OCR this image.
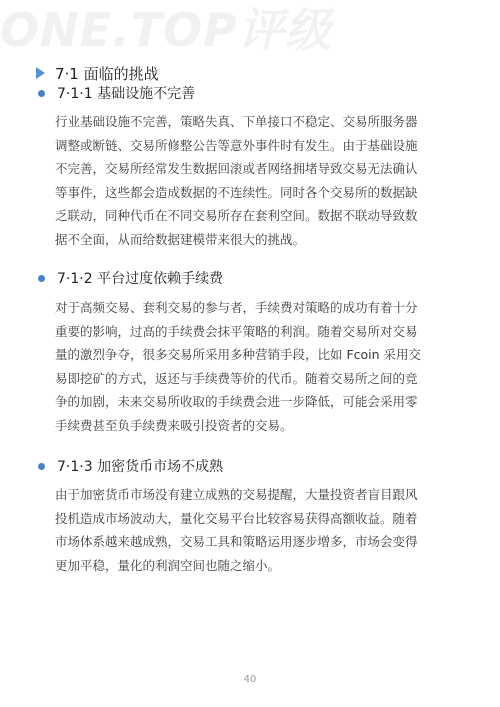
ONE.TOP评级
7·1 面临的挑战
7·1·1 基础设施不完善
行业基础设施不完善，策略失真、下单接口不稳定、交易所服务器
调整或断链、交易所修整公告等意外事件时有发生。由于基础设施
不完善，交易所经常发生数据回滚或者网络拥堵导致交易无法确认
等事件，这些都会造成数据的不连续性。同时各个交易所的数据缺
乏联动，同种代币在不同交易所存在套利空间。数据不联动导致数
据不全面，从而给数据建模带来很大的挑战。
7·1·2 平台过度依赖手续费
对于高频交易、套利交易的参与者，手续费对策略的成功有着十分
重要的影响，过高的手续费会抹平策略的利润。随着交易所对交易
量的激烈争夺，很多交易所采用多种营销手段，比如 Fcoin 采用交
易即挖矿的方式，返还与手续费等价的代币。随着交易所之间的竞
争的加剧，未来交易所收取的手续费会进一步降低，可能会采用零
手续费甚至负手续费来吸引投资者的交易。
7·1·3 加密货币市场不成熟
由于加密货币市场没有建立成熟的交易提醒，大量投资者盲目跟风
投机造成市场波动大，量化交易平台比较容易获得高额收益。随着
市场体系越来越成熟，交易工具和策略运用逐步增多，市场会变得
更加平稳，量化的利润空间也随之缩小。
40
